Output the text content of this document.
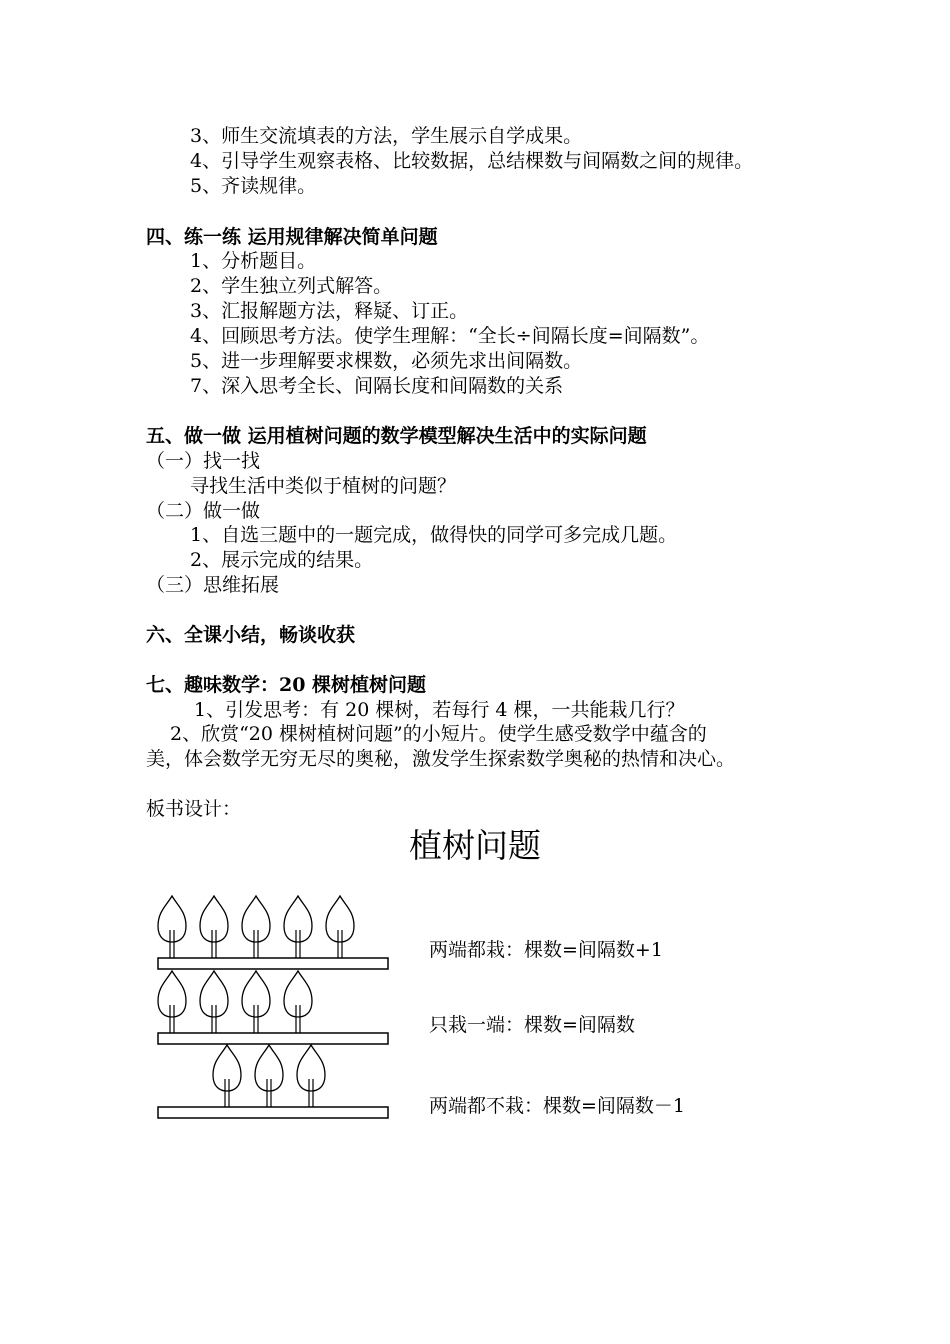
3、师生交流填表的方法，学生展示自学成果。
4、引导学生观察表格、比较数据，总结棵数与间隔数之间的规律。
5、齐读规律。
四、练一练 运用规律解决简单问题
1、分析题目。
2、学生独立列式解答。
3、汇报解题方法，释疑、订正。
4、回顾思考方法。使学生理解：“全长÷间隔长度=间隔数”。
5、进一步理解要求棵数，必须先求出间隔数。
7、深入思考全长、间隔长度和间隔数的关系
五、做一做 运用植树问题的数学模型解决生活中的实际问题
（一）找一找
寻找生活中类似于植树的问题？
（二）做一做
1、自选三题中的一题完成，做得快的同学可多完成几题。
2、展示完成的结果。
（三）思维拓展
六、全课小结，畅谈收获
七、趣味数学：20 棵树植树问题
1、引发思考：有 20 棵树，若每行 4 棵，一共能栽几行？
2、欣赏“20 棵树植树问题”的小短片。使学生感受数学中蕴含的
美，体会数学无穷无尽的奥秘，激发学生探索数学奥秘的热情和决心。
板书设计：
植树问题
两端都栽：棵数=间隔数+1
只栽一端：棵数=间隔数
两端都不栽：棵数=间隔数－1
